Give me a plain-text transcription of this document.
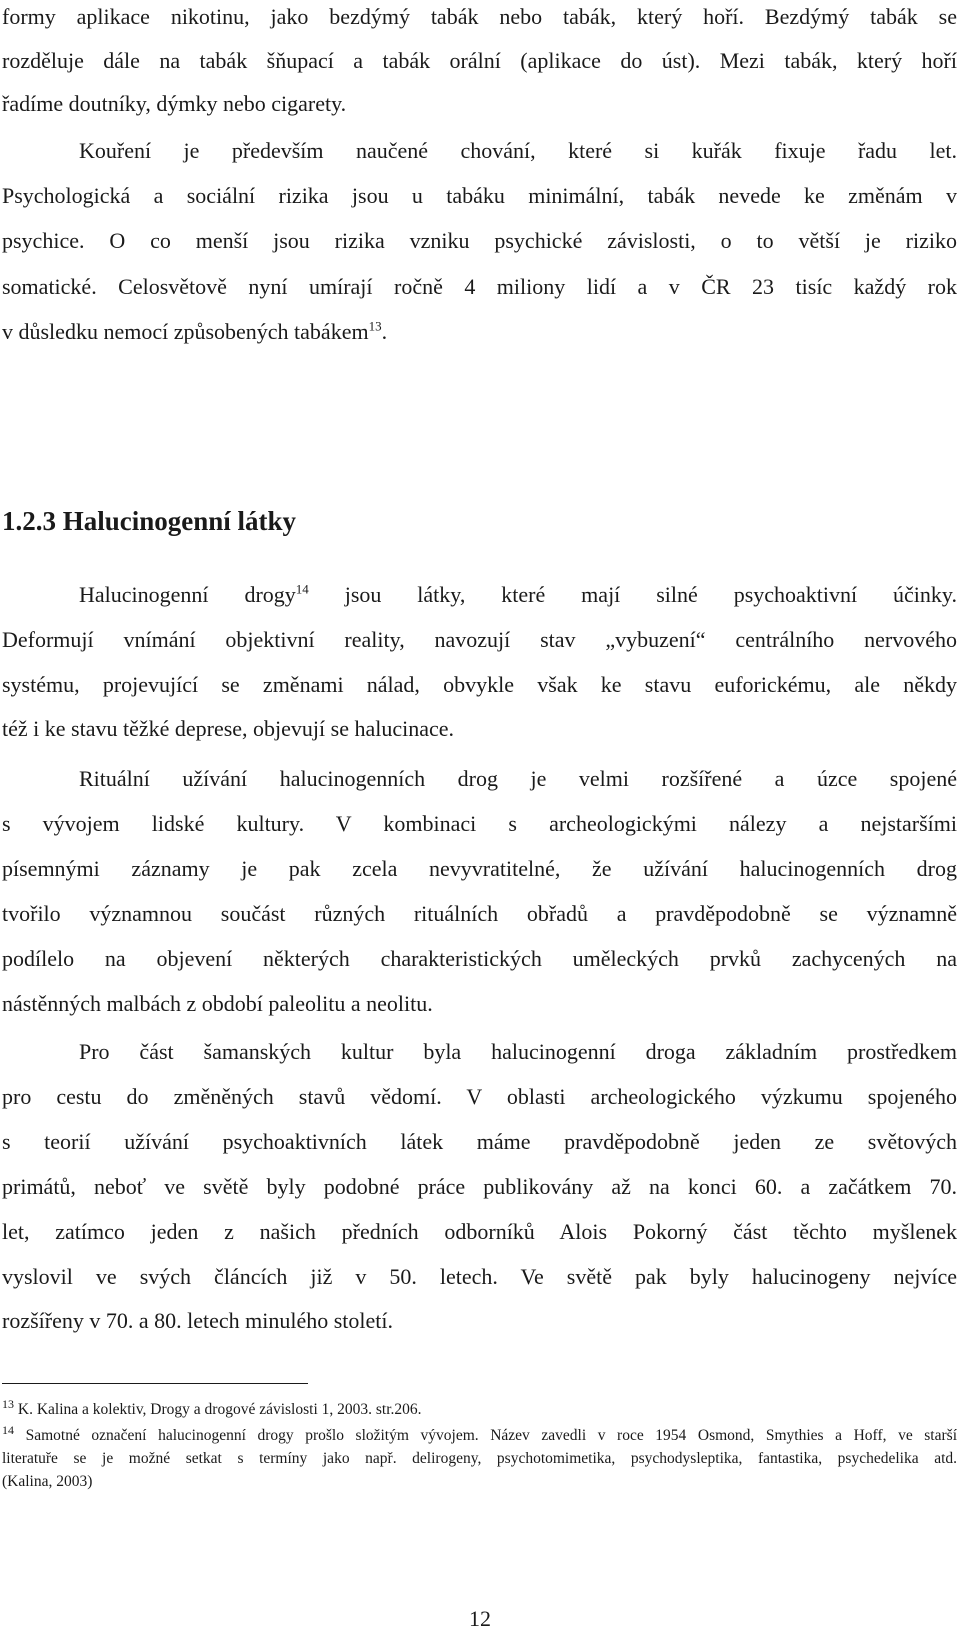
formy aplikace nikotinu, jako bezdýmý tabák nebo tabák, který hoří. Bezdýmý tabák se
rozděluje dále na tabák šňupací a tabák orální (aplikace do úst). Mezi tabák, který hoří
řadíme doutníky, dýmky nebo cigarety.
Kouření je především naučené chování, které si kuřák fixuje řadu let.
Psychologická a sociální rizika jsou u tabáku minimální, tabák nevede ke změnám v
psychice. O co menší jsou rizika vzniku psychické závislosti, o to větší je riziko
somatické. Celosvětově nyní umírají ročně 4 miliony lidí a v ČR 23 tisíc každý rok
v důsledku nemocí způsobených tabákem$^{13}$.
1.2.3 Halucinogenní látky
Halucinogenní drogy$^{14}$ jsou látky, které mají silné psychoaktivní účinky.
Deformují vnímání objektivní reality, navozují stav „vybuzení“ centrálního nervového
systému, projevující se změnami nálad, obvykle však ke stavu euforickému, ale někdy
též i ke stavu těžké deprese, objevují se halucinace.
Rituální užívání halucinogenních drog je velmi rozšířené a úzce spojené
s vývojem lidské kultury. V kombinaci s archeologickými nálezy a nejstaršími
písemnými záznamy je pak zcela nevyvratitelné, že užívání halucinogenních drog
tvořilo významnou součást různých rituálních obřadů a pravděpodobně se významně
podílelo na objevení některých charakteristických uměleckých prvků zachycených na
nástěnných malbách z období paleolitu a neolitu.
Pro část šamanských kultur byla halucinogenní droga základním prostředkem
pro cestu do změněných stavů vědomí. V oblasti archeologického výzkumu spojeného
s teorií užívání psychoaktivních látek máme pravděpodobně jeden ze světových
primátů, neboť ve světě byly podobné práce publikovány až na konci 60. a začátkem 70.
let, zatímco jeden z našich předních odborníků Alois Pokorný část těchto myšlenek
vyslovil ve svých článcích již v 50. letech. Ve světě pak byly halucinogeny nejvíce
rozšířeny v 70. a 80. letech minulého století.
$^{13}$ K. Kalina a kolektiv, Drogy a drogové závislosti 1, 2003. str.206.
$^{14}$ Samotné označení halucinogenní drogy prošlo složitým vývojem. Název zavedli v roce 1954 Osmond, Smythies a Hoff, ve starší
literatuře se je možné setkat s termíny jako např. delirogeny, psychotomimetika, psychodysleptika, fantastika, psychedelika atd.
(Kalina, 2003)
12
